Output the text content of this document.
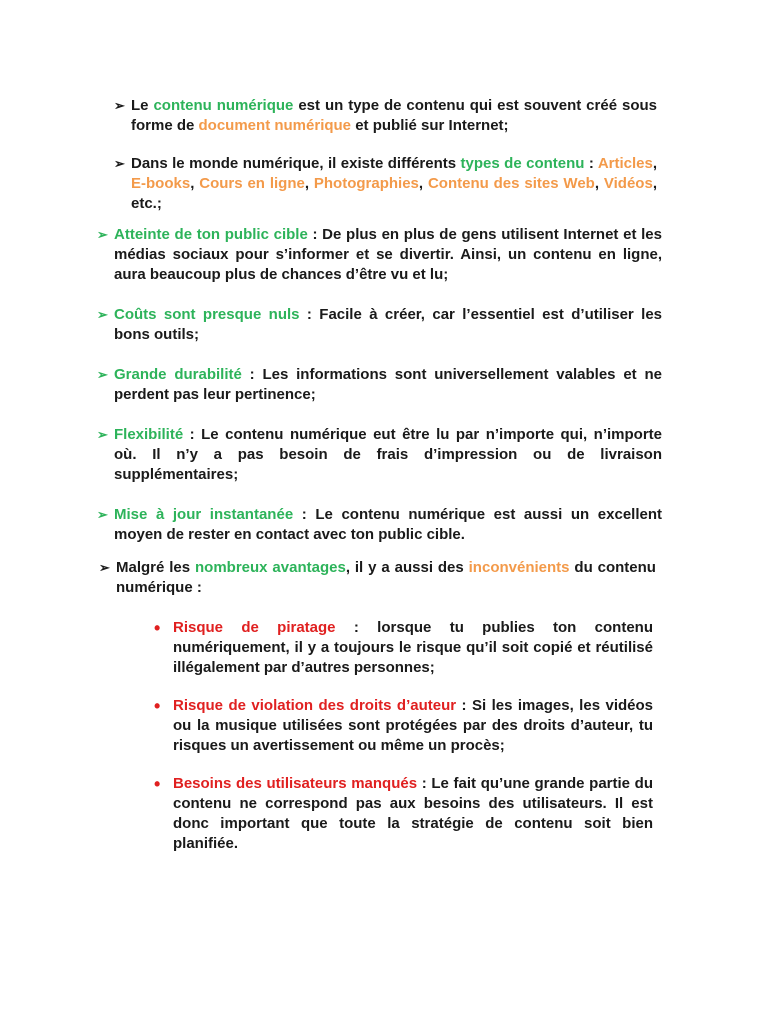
➢ Le contenu numérique est un type de contenu qui est souvent créé sous forme de document numérique et publié sur Internet;
➢ Dans le monde numérique, il existe différents types de contenu : Articles, E-books, Cours en ligne, Photographies, Contenu des sites Web, Vidéos, etc.;
➢ Atteinte de ton public cible : De plus en plus de gens utilisent Internet et les médias sociaux pour s’informer et se divertir. Ainsi, un contenu en ligne, aura beaucoup plus de chances d’être vu et lu;
➢ Coûts sont presque nuls : Facile à créer, car l’essentiel est d’utiliser les bons outils;
➢ Grande durabilité : Les informations sont universellement valables et ne perdent pas leur pertinence;
➢ Flexibilité : Le contenu numérique eut être lu par n’importe qui, n’importe où. Il n’y a pas besoin de frais d’impression ou de livraison supplémentaires;
➢ Mise à jour instantanée : Le contenu numérique est aussi un excellent moyen de rester en contact avec ton public cible.
➢ Malgré les nombreux avantages, il y a aussi des inconvénients du contenu numérique :
• Risque de piratage : lorsque tu publies ton contenu numériquement, il y a toujours le risque qu’il soit copié et réutilisé illégalement par d’autres personnes;
• Risque de violation des droits d’auteur : Si les images, les vidéos ou la musique utilisées sont protégées par des droits d’auteur, tu risques un avertissement ou même un procès;
• Besoins des utilisateurs manqués : Le fait qu’une grande partie du contenu ne correspond pas aux besoins des utilisateurs. Il est donc important que toute la stratégie de contenu soit bien planifiée.
